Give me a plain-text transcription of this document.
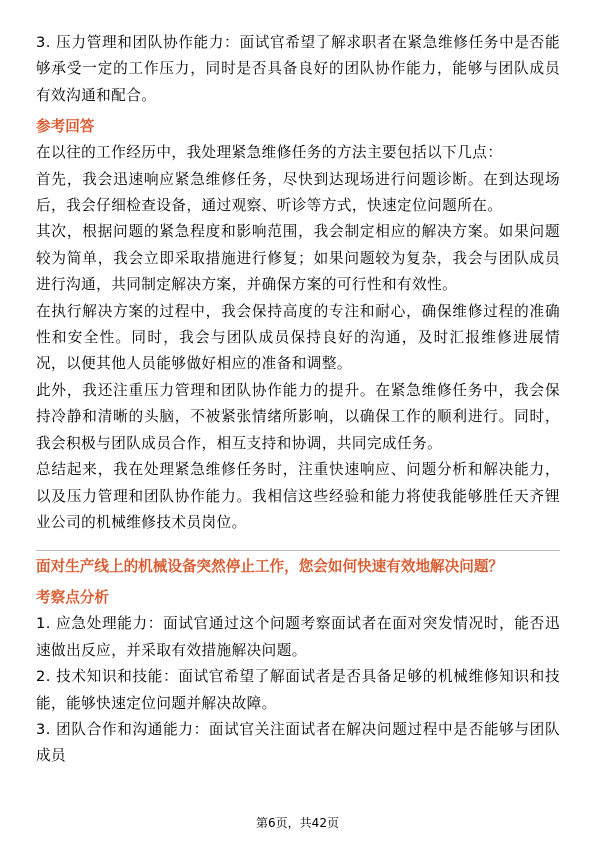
3. 压力管理和团队协作能力：面试官希望了解求职者在紧急维修任务中是否能够承受一定的工作压力，同时是否具备良好的团队协作能力，能够与团队成员有效沟通和配合。

参考回答

在以往的工作经历中，我处理紧急维修任务的方法主要包括以下几点：

首先，我会迅速响应紧急维修任务，尽快到达现场进行问题诊断。在到达现场后，我会仔细检查设备，通过观察、听诊等方式，快速定位问题所在。

其次，根据问题的紧急程度和影响范围，我会制定相应的解决方案。如果问题较为简单，我会立即采取措施进行修复；如果问题较为复杂，我会与团队成员进行沟通，共同制定解决方案，并确保方案的可行性和有效性。

在执行解决方案的过程中，我会保持高度的专注和耐心，确保维修过程的准确性和安全性。同时，我会与团队成员保持良好的沟通，及时汇报维修进展情况，以便其他人员能够做好相应的准备和调整。

此外，我还注重压力管理和团队协作能力的提升。在紧急维修任务中，我会保持冷静和清晰的头脑，不被紧张情绪所影响，以确保工作的顺利进行。同时，我会积极与团队成员合作，相互支持和协调，共同完成任务。

总结起来，我在处理紧急维修任务时，注重快速响应、问题分析和解决能力，以及压力管理和团队协作能力。我相信这些经验和能力将使我能够胜任天齐锂业公司的机械维修技术员岗位。

面对生产线上的机械设备突然停止工作，您会如何快速有效地解决问题？
考察点分析

1. 应急处理能力：面试官通过这个问题考察面试者在面对突发情况时，能否迅速做出反应，并采取有效措施解决问题。

2. 技术知识和技能：面试官希望了解面试者是否具备足够的机械维修知识和技能，能够快速定位问题并解决故障。

3. 团队合作和沟通能力：面试官关注面试者在解决问题过程中是否能够与团队成员

第6页，共42页
